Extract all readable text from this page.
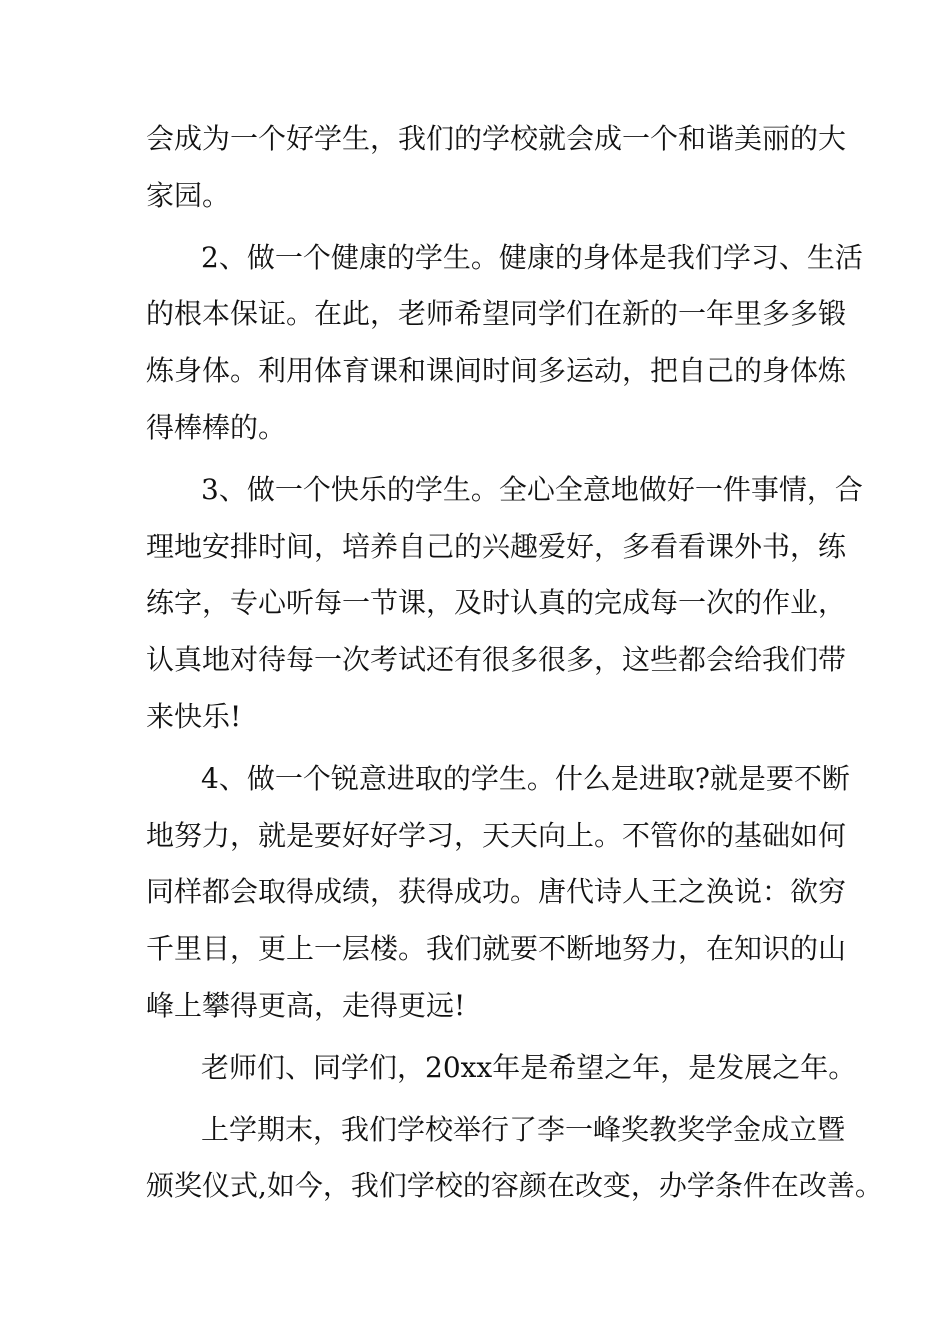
会成为一个好学生，我们的学校就会成一个和谐美丽的大
家园。
2、做一个健康的学生。健康的身体是我们学习、生活
的根本保证。在此，老师希望同学们在新的一年里多多锻
炼身体。利用体育课和课间时间多运动，把自己的身体炼
得棒棒的。
3、做一个快乐的学生。全心全意地做好一件事情，合
理地安排时间，培养自己的兴趣爱好，多看看课外书，练
练字，专心听每一节课，及时认真的完成每一次的作业，
认真地对待每一次考试还有很多很多，这些都会给我们带
来快乐!
4、做一个锐意进取的学生。什么是进取?就是要不断
地努力，就是要好好学习，天天向上。不管你的基础如何
同样都会取得成绩，获得成功。唐代诗人王之涣说：欲穷
千里目，更上一层楼。我们就要不断地努力，在知识的山
峰上攀得更高，走得更远!
老师们、同学们，20xx年是希望之年，是发展之年。
上学期末，我们学校举行了李一峰奖教奖学金成立暨
颁奖仪式,如今，我们学校的容颜在改变，办学条件在改善。
